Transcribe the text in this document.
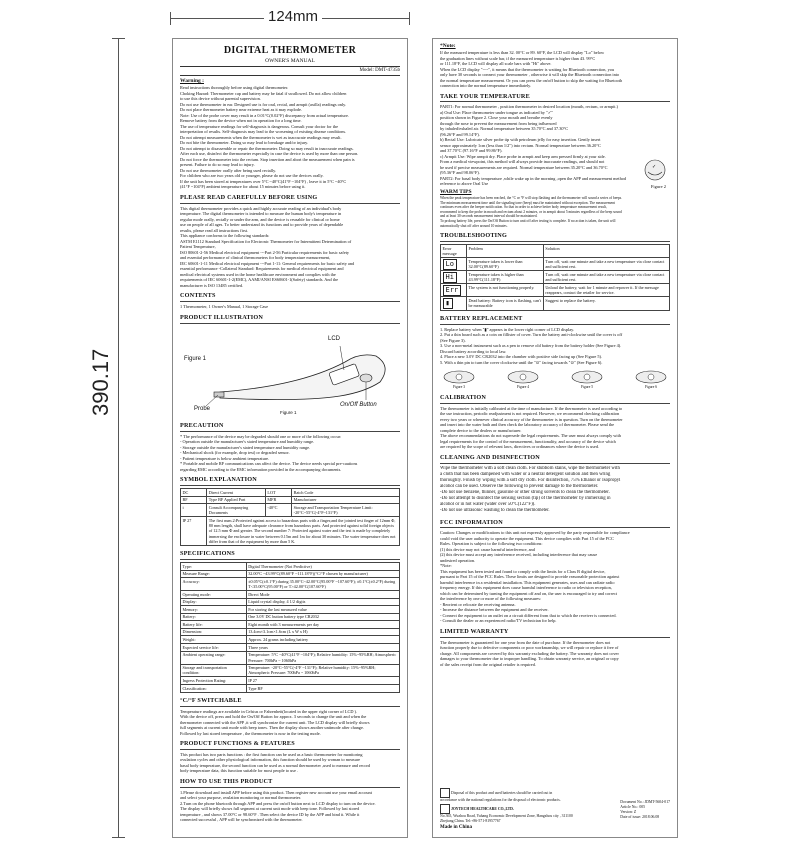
124mm
390.17
DIGITAL THERMOMETER
OWNER'S MANUAL
Model: DMT-4735b
Warning :
Read instructions thoroughly before using digital thermometer.
Choking Hazard: Thermometer cap and battery may be fatal if swallowed. Do not allow children
to use this device without parental supervision.
Do not use thermometer in ear. Designed use is for oral, rectal, and armpit (axilla) readings only.
Do not place thermometer battery near extreme heat as it may explode.
Note: Use of the probe cover may result in a 0.01°C(0.02°F) discrepancy from actual temperature.
Remove battery from the device when not in operation for a long time.
The use of temperature readings for self-diagnosis is dangerous. Consult your doctor for the
interpretation of results. Self-diagnosis may lead to the worsening of existing disease conditions.
Do not attempt measurements when the thermometer is wet as inaccurate readings may result.
Do not bite the thermometer. Doing so may lead to breakage and/or injury.
Do not attempt to disassemble or repair the thermometer. Doing so may result in inaccurate readings.
After each use, disinfect the thermometer especially in case the device is used by more than one person.
Do not force the thermometer into the rectum. Stop insertion and abort the measurement when pain is
present. Failure to do so may lead to injury.
Do not use thermometer orally after being used rectally.
For children who are two years old or younger, please do not use the devices orally.
If the unit has been stored at temperatures over 5°C ~40°C(41°F ~104°F) , leave it in 5°C ~40°C
(41°F ~104°F) ambient temperature for about 15 minutes before using it.
PLEASE READ CAREFULLY BEFORE USING
This digital thermometer provides a quick and highly accurate reading of an individual's body
temperature. The digital thermometer is intended to measure the human body's temperature in
regular mode orally, rectally or under the arm, and the device is reusable for clinical or home
use on people of all ages. To better understand its functions and to provide years of dependable
results, please read all instructions first.
This appliance conforms to the following standards:
ASTM E1112 Standard Specification for Electronic Thermometer for Intermittent Determination of
Patient Temperature,
ISO 80601-2-56 Medical electrical equipment ---Part 2-56 Particular requirements for basic safety
and essential performance of clinical thermometers for body temperature measurement,
IEC 60601-1-11 Medical electrical equipment ---Part 1-11: General requirements for basic safety and
essential performance -Collateral Standard: Requirements for medical electrical equipment and
medical electrical systems used in the home healthcare environment and complies with the
requirements of IEC 60601-1-2(EMC), AAMI/ANSI ES60601-1(Safety) standards. And the
manufacturer is ISO 13485 certified.
CONTENTS
1 Thermometer, 1 Owner's Manual, 1 Storage Case
PRODUCT ILLUSTRATION
Figure 1
LCD
Probe
On/Off Button
Figure 1
PRECAUTION
* The performance of the device may be degraded should one or more of the following occur:
- Operation outside the manufacturer's stated temperature and humidity range.
- Storage outside the manufacturer's stated temperature and humidity range.
- Mechanical shock (for example, drop test) or degraded sensor.
- Patient temperature is below ambient temperature.
* Portable and mobile RF communications can affect the device. The device needs special pre-cautions
regarding EMC according to the EMC information provided in the accompanying documents.
SYMBOL EXPLANATION
DC	Direct Current	LOT	Batch Code
BF	Type BF Applied Part	MFR	Manufacturer
i	Consult Accompanying Documents	-40°C	Storage and Transportation Temperature Limit: -20°C~55°C(-4°F~131°F)
IP 27	The first num.2:Protected against access to hazardous parts with a finger,and the jointed test finger of 12mm Φ, 80 mm length, shall have adequate clearance from hazardous parts. And protected against solid foreign objects of 12.5 mm Φ and greater. The second number 7: Protected against water and the test is made by completely immersing the enclosure in water between 0.15m and 1m for about 30 minutes. The water temperature does not differ from that of the equipment by more than 5 K.		
SPECIFICATIONS
Type:	Digital Thermometer (Not Predictive)
Measure Range:	32.00°C ~43.99°C(89.60°F ~111.18°F)(°C/°F chosen by manufacturer)
Accuracy:	±0.05°C(±0.1°F) during 35.00°C~42.00°C(95.00°F ~107.60°F); ±0.1°C(±0.2°F) during T<35.00°C(95.00°F) or T>42.00°C(107.60°F)
Operating mode:	Direct Mode
Display:	Liquid crystal display, 4 1/2 digits
Memory:	For storing the last measured value
Battery:	One 3.0V DC button battery type CR2032
Battery life:	Eight month with 3 measurements per day
Dimension:	13.4cm×3.1cm×1.6cm (L x W x H)
Weight:	Approx. 24 grams including battery
Expected service life:	Three years
Ambient operating range:	Temperature: 5°C ~40°C(41°F ~104°F); Relative humidity: 15%~95%RH; Atmospheric Pressure: 700hPa ~ 1060hPa
Storage and transportation condition:	Temperature: -20°C~55°C(-4°F ~131°F); Relative humidity: 15%~95%RH; Atmospheric Pressure: 700hPa ~ 1060hPa
Ingress Protection Rating:	IP 27
Classification:	Type BF
°C/°F SWITCHABLE
Temperature readings are available in Celsius or Fahrenheit(located in the upper right corner of LCD ).
With the device off, press and hold the On/Off Button for approx. 3 seconds to change the unit and when the
thermometer connected with the APP ,it will synchronize the current unit. The LCD display will briefly shows
full segments at current unit mode with beep tones. Then the display shows another unitmode after change.
Followed by last stored temperature , the thermometer is now in the testing mode.
PRODUCT FUNCTIONS & FEATURES
This product has two parts functions : the first function can be used as a basic thermometer for monitoring
ovulation cycles and other physiological information, this function should be used by woman to measure
basal body temperature, the second function can be used as a normal thermometer ,used to measure and record
body temperature data, this function suitable for most people to use .
HOW TO USE THIS PRODUCT
1.Please download and install APP before using this product. Then register new account use your email account
and select your purpose, ovulation monitoring or normal thermometer.
2.Turn on the phone bluetooth through APP and press the on/off button next to LCD display to turn on the device.
The display will briefly shows full segment at current unit mode with beep tone. Followed by last stored
temperature , and shows 37.00°C or 98.60°F . Then select the device ID by the APP and bind it. While it
connected successful , APP will be synchronized with the thermometer.
*Note:
If the measured temperature is less than 32. 00°C or 89. 60°F, the LCD will display "Lo" below
the graduation lines without scale bar, if the measured temperature is higher than 43. 99°C
or 111.18°F, the LCD will display all scale bars with "Hi" above.
When the LCD display "----", it means that the thermometer is waiting for Bluetooth connection, you
only have 30 seconds to connect your thermometer , otherwise it will skip the Bluetooth connection into
the normal temperature measurement. Or you can press the on/off button to skip the waiting for Bluetooth
connection into the normal temperature immediately.
TAKE YOUR TEMPERATURE
PART1: For normal thermometer , position thermometer in desired location (mouth, rectum, or armpit.)
a) Oral Use: Place thermometer under tongue as indicated by "✓"
position shown in Figure 2. Close your mouth and breathe evenly
through the nose to prevent the measurement from being influenced
by inhaled/exhaled air. Normal temperature between 35.70°C and 37.30°C
(96.26°F and 99.14°F).
b) Rectal Use: Lubricate silver probe tip with petroleum jelly for easy insertion. Gently insert
sensor approximately 1cm (less than 1/2") into rectum. Normal temperature between 36.20°C
and 37.70°C (97.16°F and 99.86°F).
c) Armpit Use: Wipe armpit dry. Place probe in armpit and keep arm pressed firmly at your side.
From a medical viewpoint, this method will always provide inaccurate readings, and should not
be used if precise measurements are required. Normal temperature between 35.20°C and 36.70°C
(95.36°F and 98.06°F).
PART2: For basal body temperature ,while wake up in the morning ,open the APP and measurement method
reference to above Oral Use
✓
Figure 2
WARM TIPS
When the peak temperature has been reached, the °C or °F will stop flashing and the thermometer will sound a series of beeps.
The minimum measurement time until the signaling tone (beep) must be maintained without exception. The measurement
continues even after the beeper notification. So that in order to achieve better body temperature measurement result,
recommend to keep the probe in mouth and rectum about 2 minutes, or in armpit about 5 minutes regardless of the beep sound
and at least 30 seconds measurement interval should be maintained.
To prolong battery life, press the On/Off Button to turn unit off after testing is complete. If no action is taken, the unit will
automatically shut off after around 10 minutes.
TROUBLESHOOTING
Error message	Problem	Solution
Lo	Temperature taken is lower than 32.00°C(89.60°F)	Turn off, wait one minute and take a new temperature via close contact and sufficient rest.
Hi	Temperature taken is higher than 43.99°C(111.18°F)	Turn off, wait one minute and take a new temperature via close contact and sufficient rest.
Err	The system is not functioning properly.	Unload the battery, wait for 1 minute and repower it. If the message reappears, contact the retailer for service.
▮	Dead battery: Battery icon is flashing, can't be measurable	Suggest to replace the battery.
BATTERY REPLACEMENT
1. Replace battery when "▮" appears in the lower right corner of LCD display.
2. Put a thin board such as a coin on fillister of cover. Turn the battery anti-clockwise until the cover is off
(See Figure 3).
3. Use a non-metal instrument such as a pen to remove old battery from the battery holder (See Figure 4).
Discard battery according to local law.
4. Place a new 3.0V DC CR2032 into the chamber with positive side facing up (See Figure 5).
5. With a thin pin to turn the cover clockwise until the "⊙" facing towards "⊙" (See Figure 6).
Figure 3	Figure 4	Figure 5	Figure 6
CALIBRATION
The thermometer is initially calibrated at the time of manufacture. If the thermometer is used according to
the use instruction, periodic readjustment is not required. However, we recommend checking calibration
every two years or whenever clinical accuracy of the thermometer is in question. Turn on the thermometer
and insert into the water bath and then check the laboratory accuracy of thermometer. Please send the
complete device to the dealers or manufacturer.
The above recommendations do not supersede the legal requirements. The user must always comply with
legal requirements for the control of the measurement, functionality, and accuracy of the device which
are required by the scope of relevant laws, directives or ordinances where the device is used.
CLEANING AND DISINFECTION
Wipe the thermometer with a soft clean cloth. For stubborn stains, wipe the thermometer with
a cloth that has been dampened with water or a neutral detergent solution and then wring
thoroughly. Finish by wiping with a soft dry cloth. For disinfection, 75% Ethanol or Isopropyl
alcohol can be used. Observe the following to prevent damage to the thermometer.
-Do not use benzene, thinner, gasoline or other strong solvents to clean the thermometer.
-Do not attempt to disinfect the sensing section (tip) of the thermometer by immersing in
alcohol or in hot water (water over 50°C(122°F)).
-Do not use ultrasonic washing to clean the thermometer.
FCC INFORMATION
Caution: Changes or modifications to this unit not expressly approved by the party responsible for compliance
could void the user authority to operate the equipment. This device complies with Part 15 of the FCC
Rules. Operation is subject to the following two conditions:
(1) this device may not cause harmful interference, and
(2) this device must accept any interference received, including interference that may cause
undesired operation.
*Note:
This equipment has been tested and found to comply with the limits for a Class B digital device,
pursuant to Part 15 of the FCC Rules. These limits are designed to provide reasonable protection against
harmful interference in a residential installation. This equipment generates, uses and can radiate radio
frequency energy. If this equipment does cause harmful interference to radio or television reception,
which can be determined by turning the equipment off and on, the user is encouraged to try and correct
the interference by one or more of the following measures:
- Reorient or relocate the receiving antenna.
- Increase the distance between the equipment and the receiver.
- Connect the equipment to an outlet on a circuit different from that to which the receiver is connected.
- Consult the dealer or an experienced radio/TV technician for help.
LIMITED WARRANTY
The thermometer is guaranteed for one year from the date of purchase. If the thermometer does not
function properly due to defective components or poor workmanship, we will repair or replace it free of
charge. All components are covered by this warranty excluding the battery. The warranty does not cover
damages to your thermometer due to improper handling. To obtain warranty service, an original or copy
of the sales receipt from the original retailer is required.
Disposal of this product and used batteries should be carried out in accordance with the national regulations for the disposal of electronic products.
JOYTECH HEALTHCARE CO.,LTD.
No.365, Wuzhou Road, Yuhang Economic Development Zone, Hangzhou city , 311100 Zhejiang,China. Tel:+86-571-81957767
Made in China
Document No.: JDMT-5604-017
Article No.: 005
Version: Z
Date of issue: 2018.06.08
